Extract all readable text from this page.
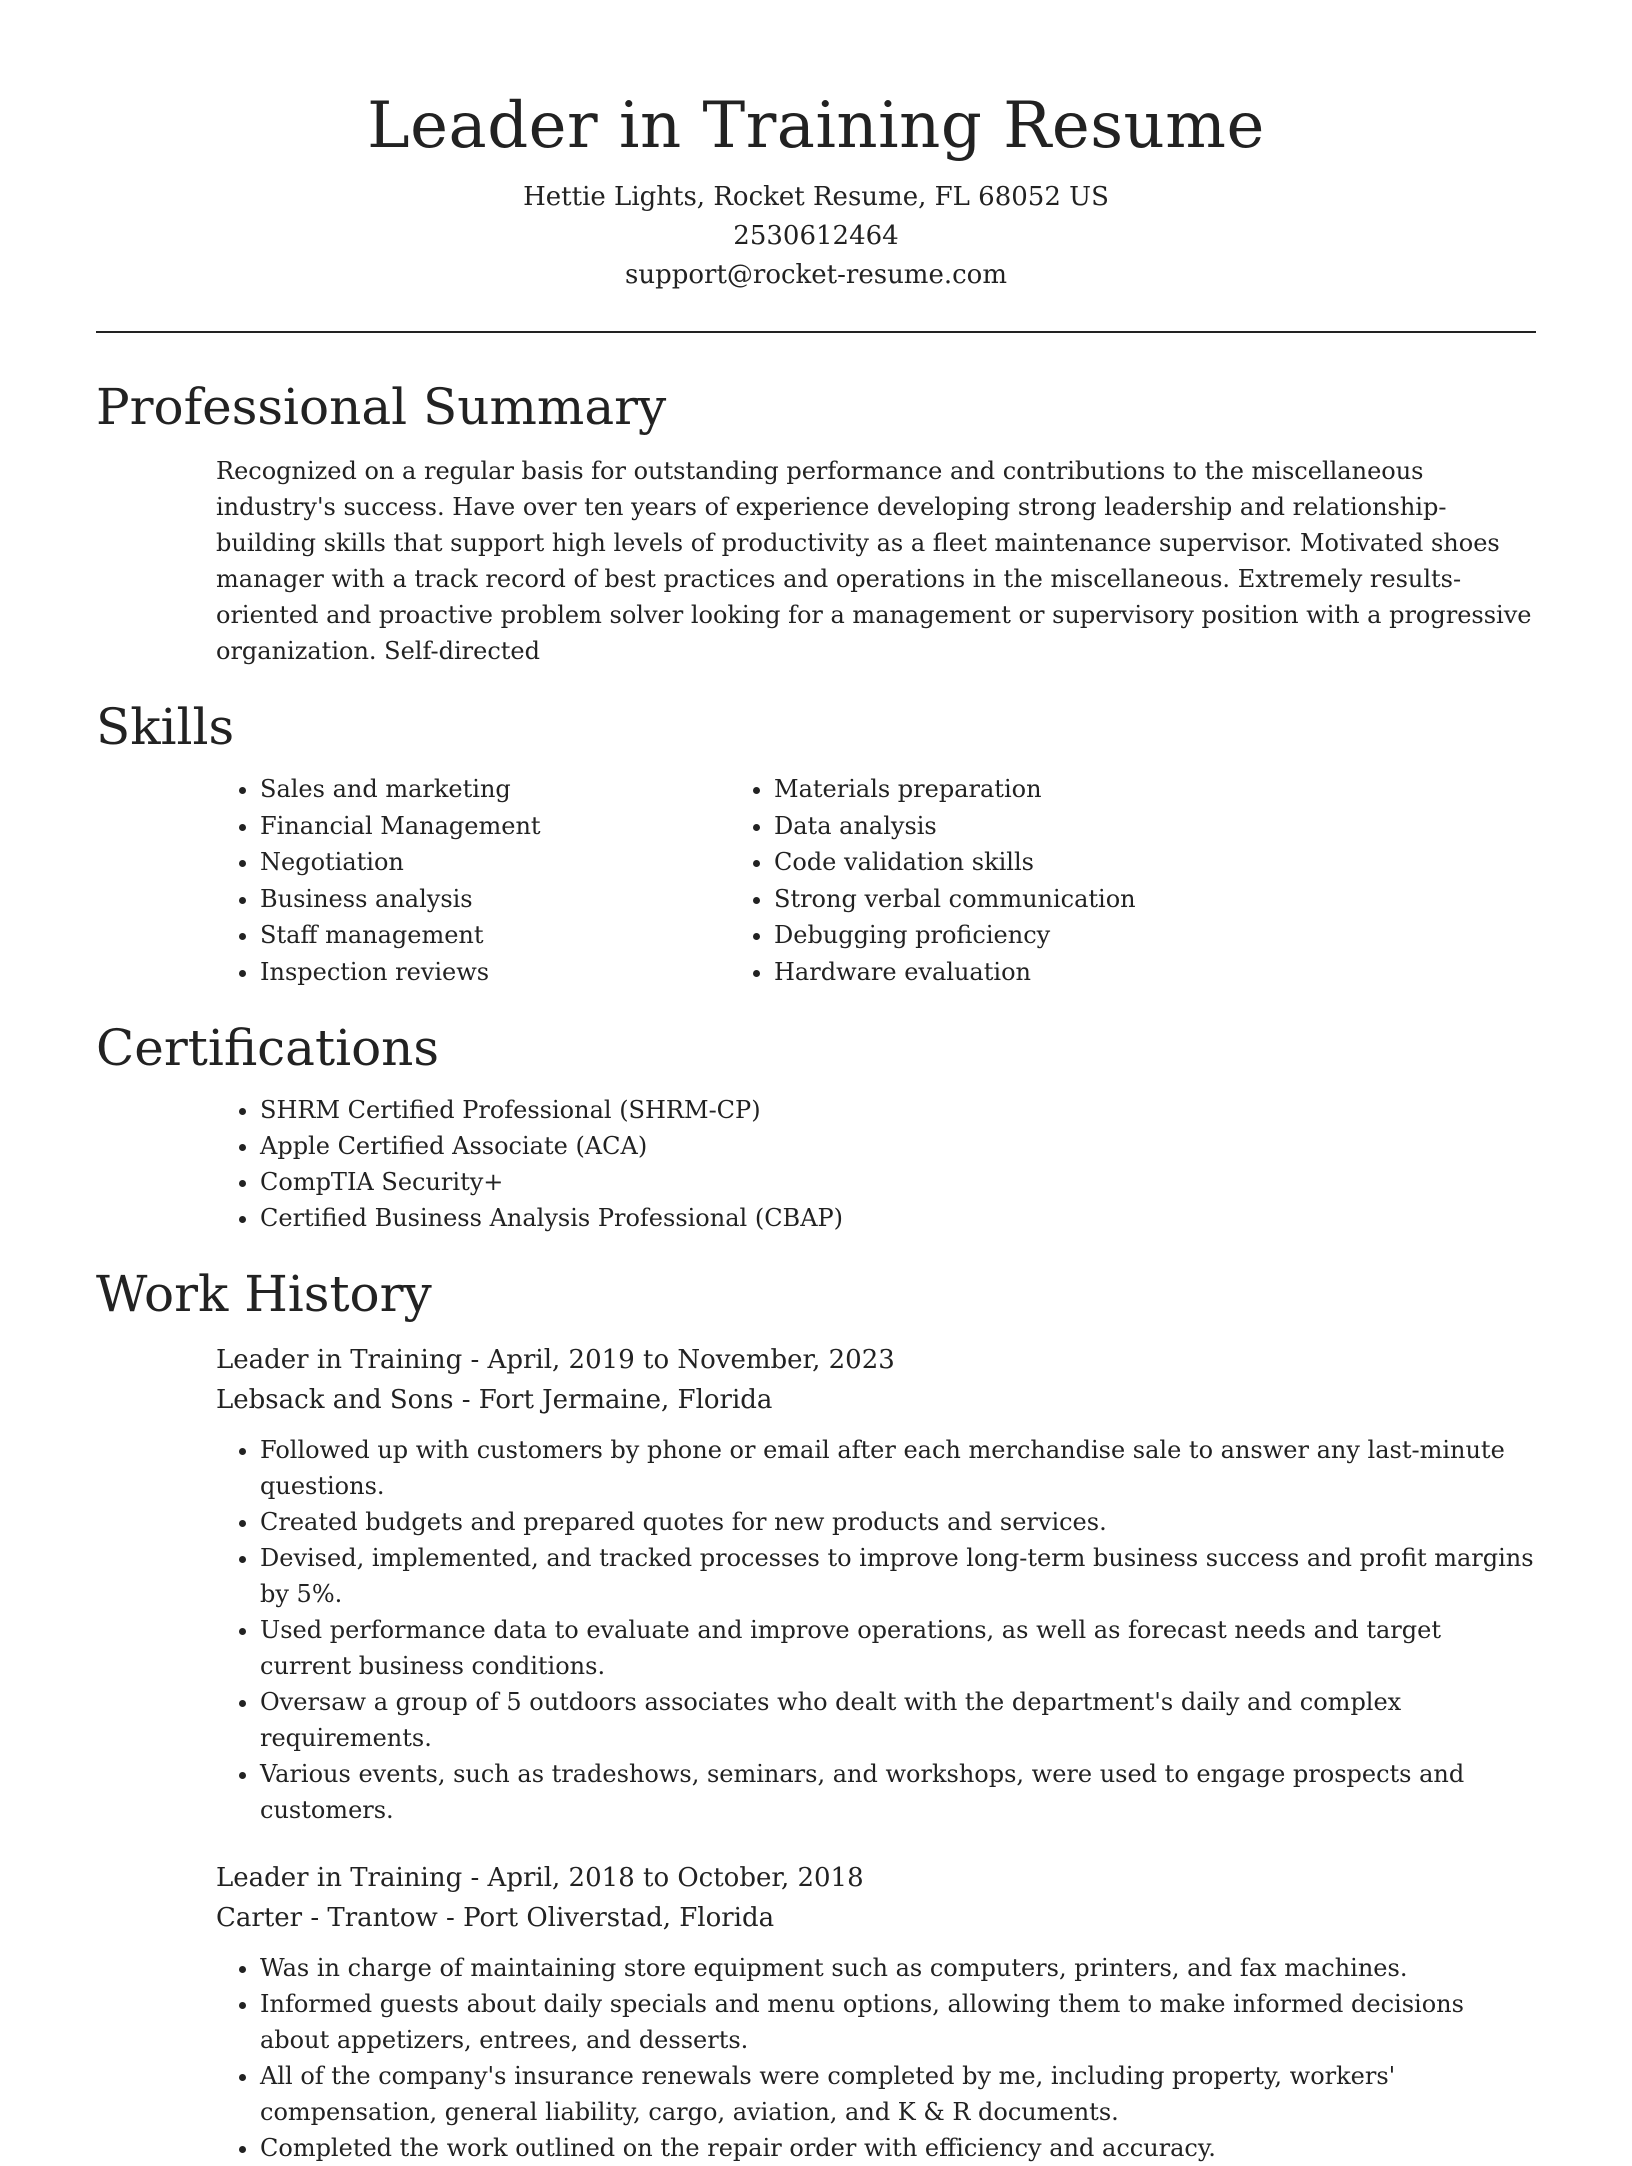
Leader in Training Resume

Hettie Lights, Rocket Resume, FL 68052 US

2530612464

support@rocket-resume.com

Professional Summary

Recognized on a regular basis for outstanding performance and contributions to the miscellaneous industry's success. Have over ten years of experience developing strong leadership and relationship-building skills that support high levels of productivity as a fleet maintenance supervisor. Motivated shoes manager with a track record of best practices and operations in the miscellaneous. Extremely results-oriented and proactive problem solver looking for a management or supervisory position with a progressive organization. Self-directed

Skills
• Sales and marketing
• Financial Management
• Negotiation
• Business analysis
• Staff management
• Inspection reviews
• Materials preparation
• Data analysis
• Code validation skills
• Strong verbal communication
• Debugging proficiency
• Hardware evaluation
Certifications
• SHRM Certified Professional (SHRM-CP)
• Apple Certified Associate (ACA)
• CompTIA Security+
• Certified Business Analysis Professional (CBAP)
Work History

Leader in Training - April, 2019 to November, 2023

Lebsack and Sons - Fort Jermaine, Florida

• Followed up with customers by phone or email after each merchandise sale to answer any last-minute questions.
• Created budgets and prepared quotes for new products and services.
• Devised, implemented, and tracked processes to improve long-term business success and profit margins by 5%.
• Used performance data to evaluate and improve operations, as well as forecast needs and target current business conditions.
• Oversaw a group of 5 outdoors associates who dealt with the department's daily and complex requirements.
• Various events, such as tradeshows, seminars, and workshops, were used to engage prospects and customers.

Leader in Training - April, 2018 to October, 2018

Carter - Trantow - Port Oliverstad, Florida

• Was in charge of maintaining store equipment such as computers, printers, and fax machines.
• Informed guests about daily specials and menu options, allowing them to make informed decisions about appetizers, entrees, and desserts.
• All of the company's insurance renewals were completed by me, including property, workers' compensation, general liability, cargo, aviation, and K & R documents.
• Completed the work outlined on the repair order with efficiency and accuracy.
